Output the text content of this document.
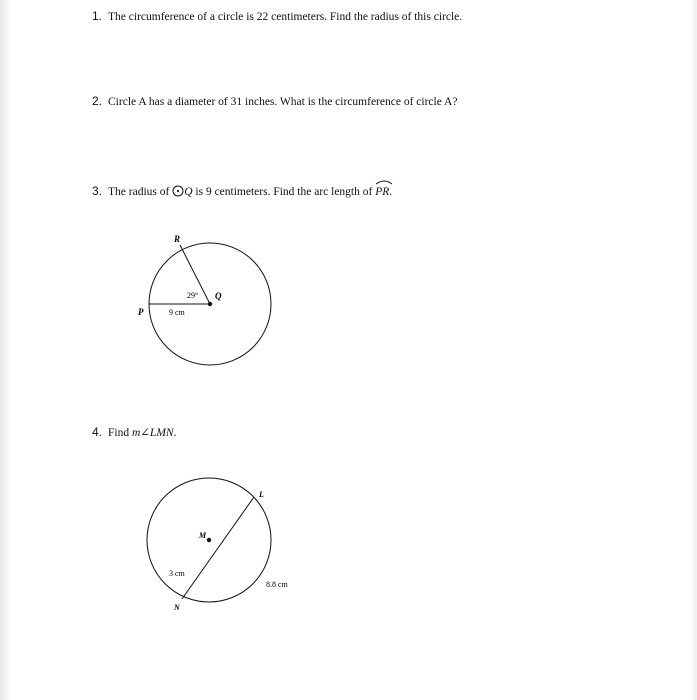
1. The circumference of a circle is 22 centimeters. Find the radius of this circle.
2. Circle A has a diameter of 31 inches. What is the circumference of circle A?
3. The radius of Q is 9 centimeters. Find the arc length of PR.
R
P
Q
29°
9 cm
4. Find m∠LMN.
L
M
N
3 cm
8.8 cm
